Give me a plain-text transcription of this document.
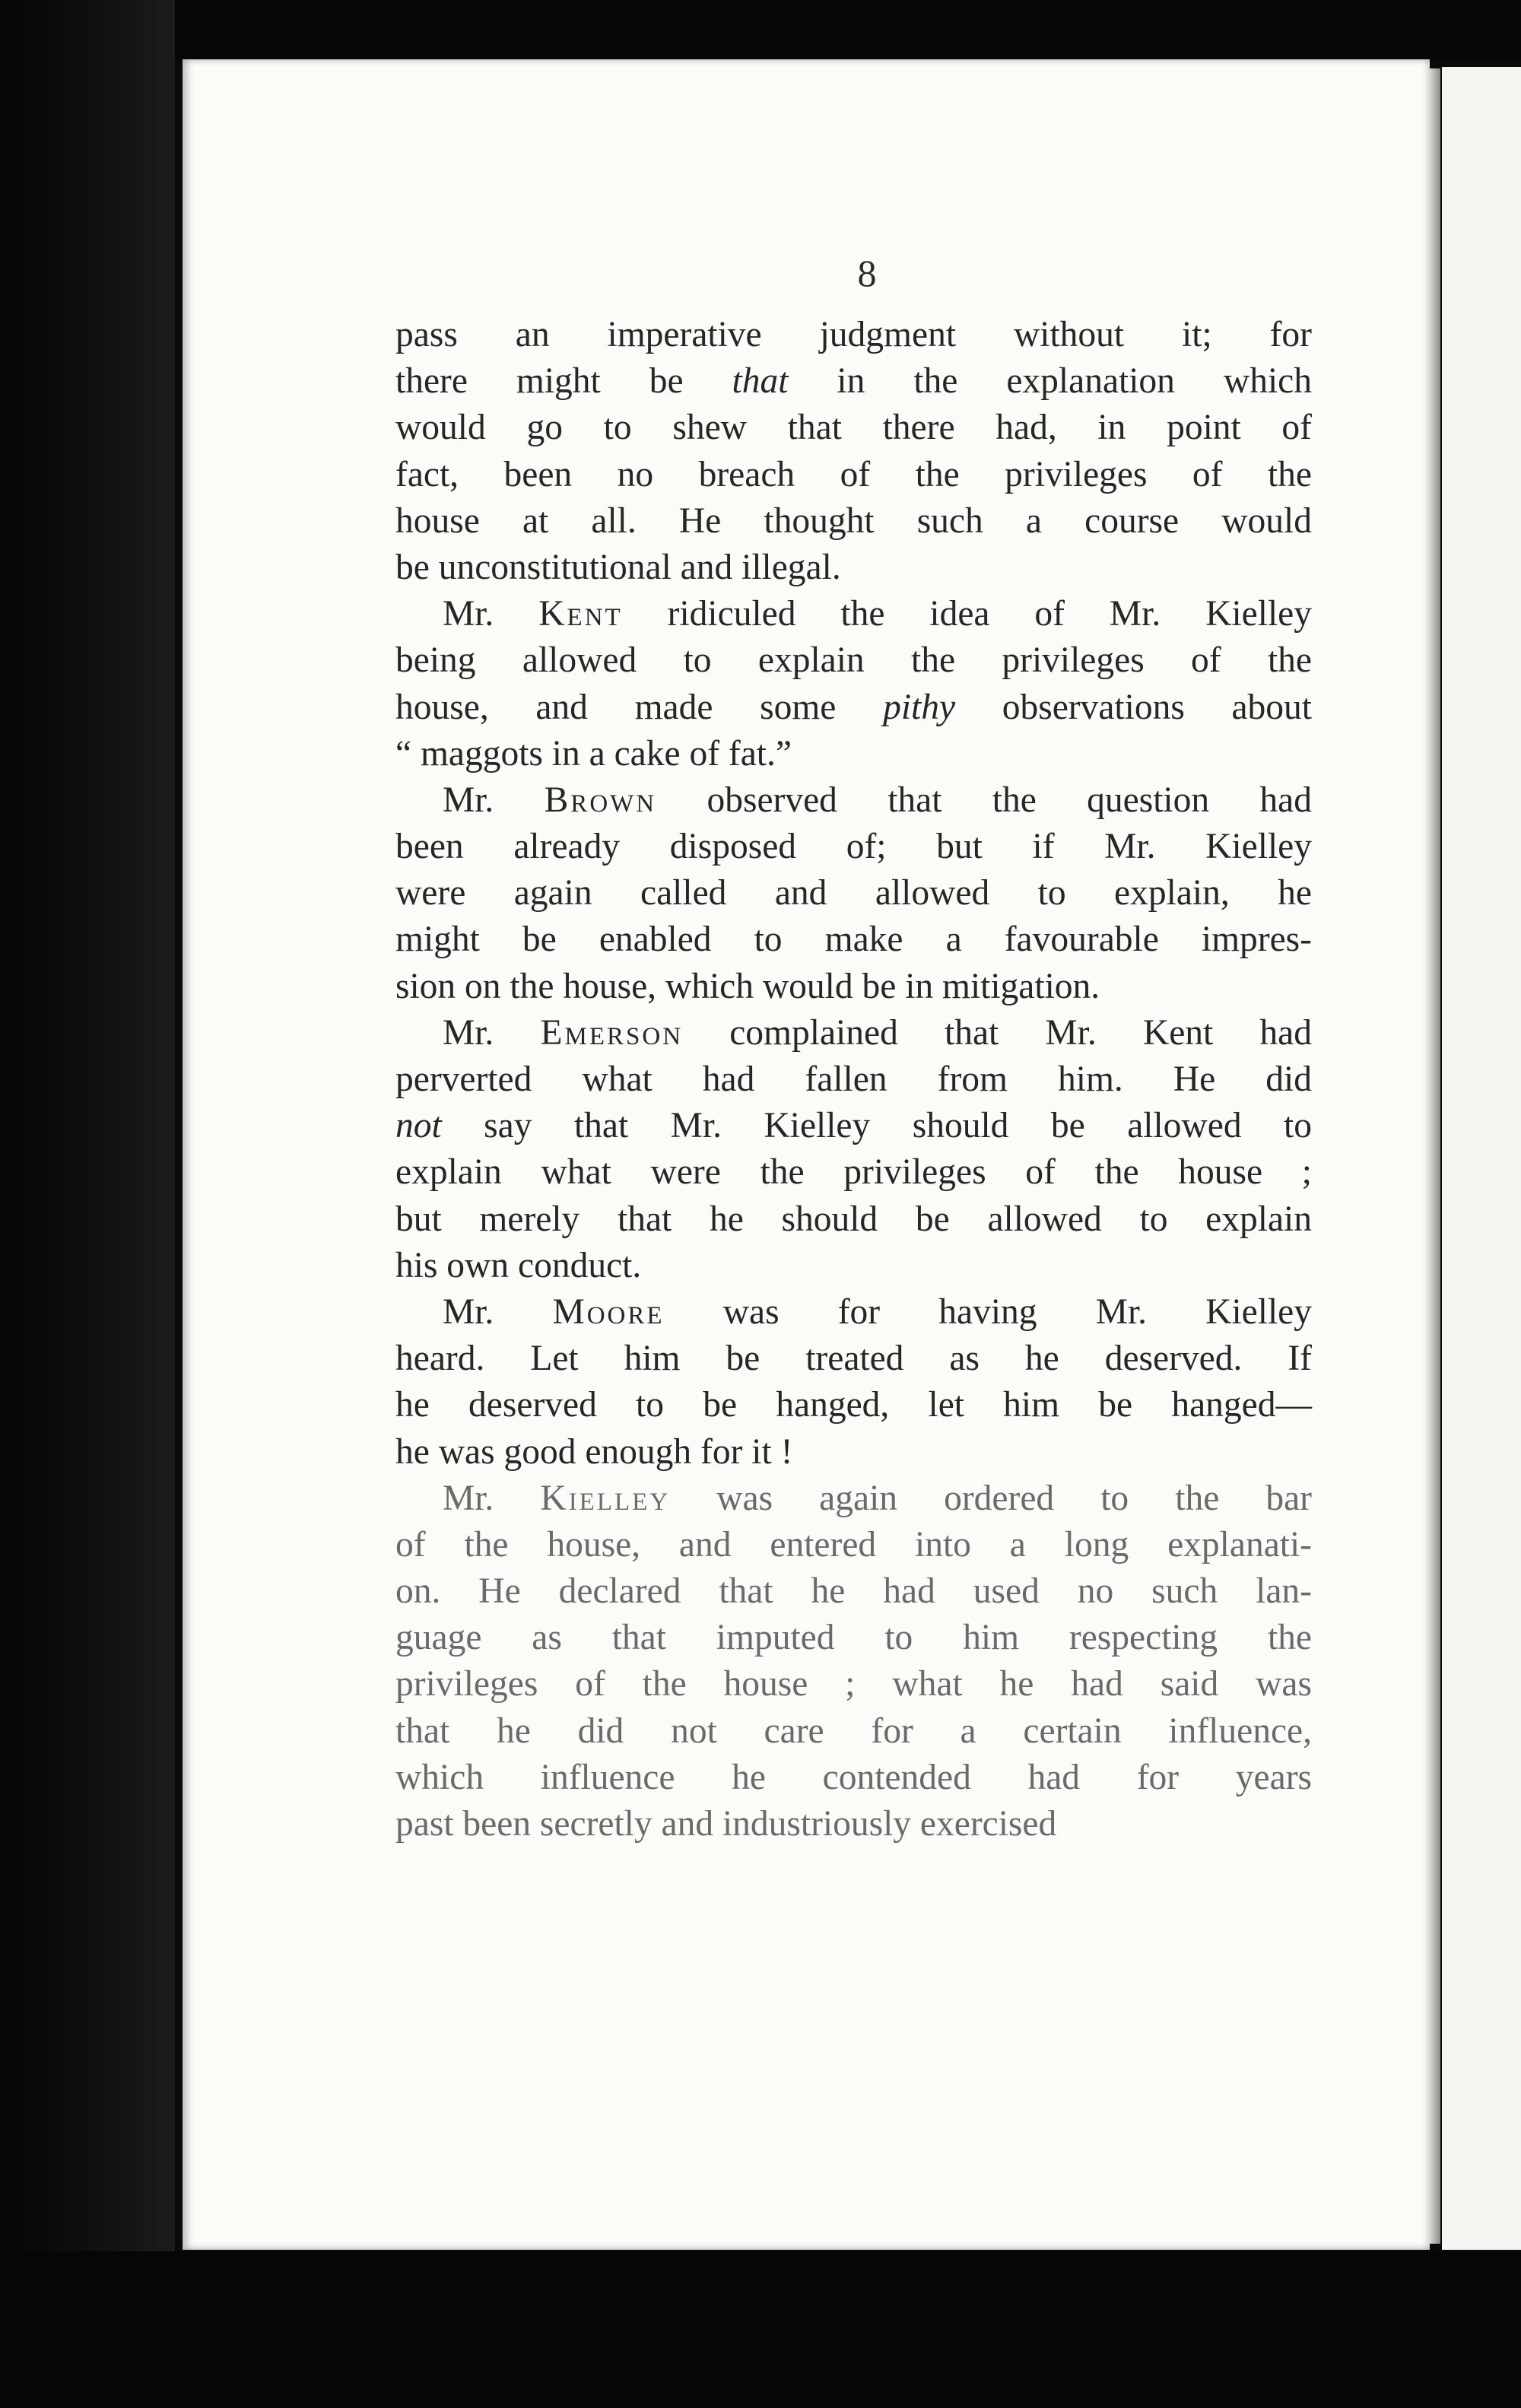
8
pass an imperative judgment without it; for
there might be that in the explanation which
would go to shew that there had, in point of
fact, been no breach of the privileges of the
house at all. He thought such a course would
be unconstitutional and illegal.
Mr. Kent ridiculed the idea of Mr. Kielley
being allowed to explain the privileges of the
house, and made some pithy observations about
“ maggots in a cake of fat.”
Mr. Brown observed that the question had
been already disposed of; but if Mr. Kielley
were again called and allowed to explain, he
might be enabled to make a favourable impres-
sion on the house, which would be in mitigation.
Mr. Emerson complained that Mr. Kent had
perverted what had fallen from him. He did
not say that Mr. Kielley should be allowed to
explain what were the privileges of the house ;
but merely that he should be allowed to explain
his own conduct.
Mr. Moore was for having Mr. Kielley
heard. Let him be treated as he deserved. If
he deserved to be hanged, let him be hanged—
he was good enough for it !
Mr. Kielley was again ordered to the bar
of the house, and entered into a long explanati-
on. He declared that he had used no such lan-
guage as that imputed to him respecting the
privileges of the house ; what he had said was
that he did not care for a certain influence,
which influence he contended had for years
past been secretly and industriously exercised
